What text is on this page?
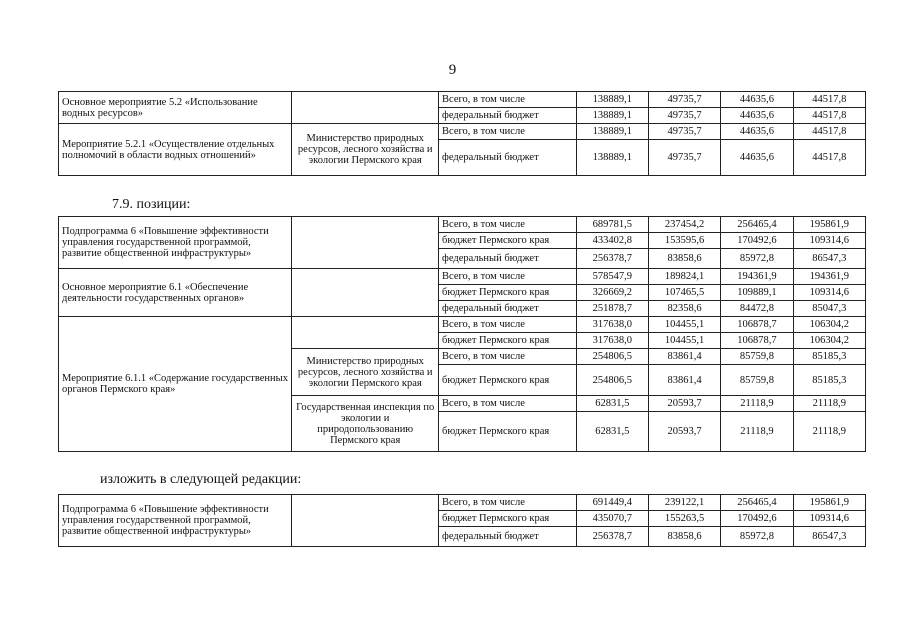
9
Основное мероприятие 5.2 «Использование водных ресурсов»		Всего, в том числе	138889,1	49735,7	44635,6	44517,8
		федеральный бюджет	138889,1	49735,7	44635,6	44517,8
Мероприятие 5.2.1 «Осуществление отдельных полномочий в области водных отношений»	Министерство природных ресурсов, лесного хозяйства и экологии Пермского края	Всего, в том числе	138889,1	49735,7	44635,6	44517,8
		федеральный бюджет	138889,1	49735,7	44635,6	44517,8
7.9. позиции:
Подпрограмма 6 «Повышение эффективности управления государственной программой, развитие общественной инфраструктуры»		Всего, в том числе	689781,5	237454,2	256465,4	195861,9
		бюджет Пермского края	433402,8	153595,6	170492,6	109314,6
		федеральный бюджет	256378,7	83858,6	85972,8	86547,3
Основное мероприятие 6.1 «Обеспечение деятельности государственных органов»		Всего, в том числе	578547,9	189824,1	194361,9	194361,9
		бюджет Пермского края	326669,2	107465,5	109889,1	109314,6
		федеральный бюджет	251878,7	82358,6	84472,8	85047,3
Мероприятие 6.1.1 «Содержание государственных органов Пермского края»		Всего, в том числе	317638,0	104455,1	106878,7	106304,2
		бюджет Пермского края	317638,0	104455,1	106878,7	106304,2
	Министерство природных ресурсов, лесного хозяйства и экологии Пермского края	Всего, в том числе	254806,5	83861,4	85759,8	85185,3
		бюджет Пермского края	254806,5	83861,4	85759,8	85185,3
	Государственная инспекция по экологии и природопользованию Пермского края	Всего, в том числе	62831,5	20593,7	21118,9	21118,9
		бюджет Пермского края	62831,5	20593,7	21118,9	21118,9
изложить в следующей редакции:
Подпрограмма 6 «Повышение эффективности управления государственной программой, развитие общественной инфраструктуры»		Всего, в том числе	691449,4	239122,1	256465,4	195861,9
		бюджет Пермского края	435070,7	155263,5	170492,6	109314,6
		федеральный бюджет	256378,7	83858,6	85972,8	86547,3
